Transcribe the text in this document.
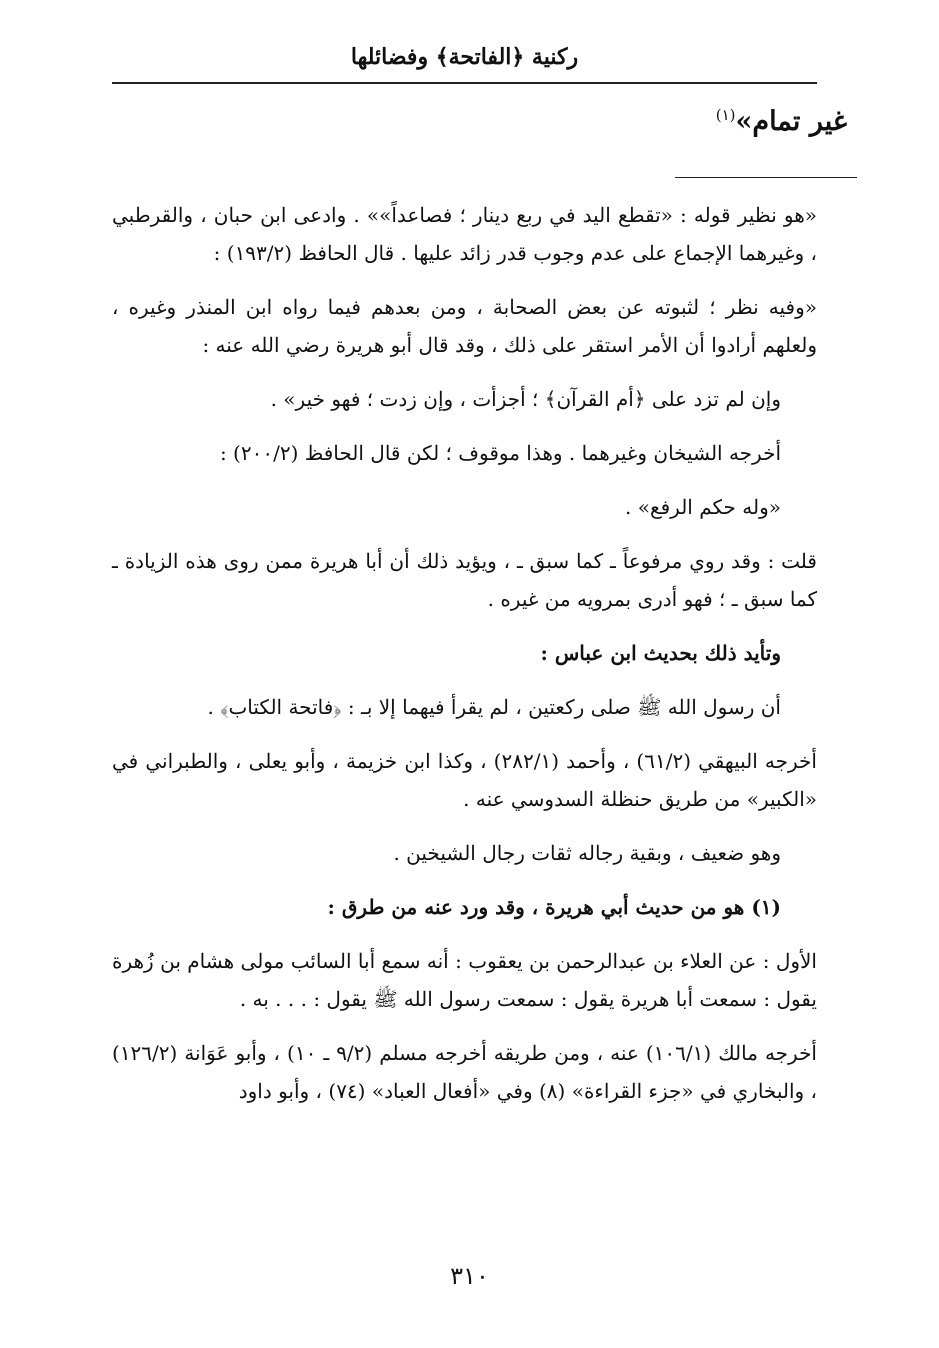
ركنية ﴿الفاتحة﴾ وفضائلها
غير تمام»$^{(١)}$

«هو نظير قوله : «تقطع اليد في ربع دينار ؛ فصاعداً»» . وادعى ابن حبان ، والقرطبي ، وغيرهما الإجماع على عدم وجوب قدر زائد عليها . قال الحافظ (١٩٣/٢) :

«وفيه نظر ؛ لثبوته عن بعض الصحابة ، ومن بعدهم فيما رواه ابن المنذر وغيره ، ولعلهم أرادوا أن الأمر استقر على ذلك ، وقد قال أبو هريرة رضي الله عنه :

وإن لم تزد على ﴿أم القرآن﴾ ؛ أجزأت ، وإن زدت ؛ فهو خير» .

أخرجه الشيخان وغيرهما . وهذا موقوف ؛ لكن قال الحافظ (٢٠٠/٢) :

«وله حكم الرفع» .

قلت : وقد روي مرفوعاً ـ كما سبق ـ ، ويؤيد ذلك أن أبا هريرة ممن روى هذه الزيادة ـ كما سبق ـ ؛ فهو أدرى بمرويه من غيره .

وتأيد ذلك بحديث ابن عباس :

أن رسول الله ﷺ صلى ركعتين ، لم يقرأ فيهما إلا بـ : ﴿فاتحة الكتاب﴾ .

أخرجه البيهقي (٦١/٢) ، وأحمد (٢٨٢/١) ، وكذا ابن خزيمة ، وأبو يعلى ، والطبراني في «الكبير» من طريق حنظلة السدوسي عنه .

وهو ضعيف ، وبقية رجاله ثقات رجال الشيخين .

(١) هو من حديث أبي هريرة ، وقد ورد عنه من طرق :

الأول : عن العلاء بن عبدالرحمن بن يعقوب : أنه سمع أبا السائب مولى هشام بن زُهرة يقول : سمعت أبا هريرة يقول : سمعت رسول الله ﷺ يقول : . . . به .

أخرجه مالك (١٠٦/١) عنه ، ومن طريقه أخرجه مسلم (٩/٢ ـ ١٠) ، وأبو عَوَانة (١٢٦/٢) ، والبخاري في «جزء القراءة» (٨) وفي «أفعال العباد» (٧٤) ، وأبو داود

٣١٠
